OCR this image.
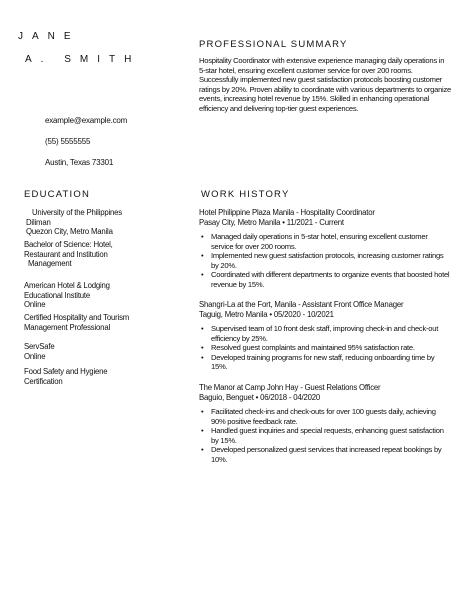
JANE
A. SMITH
example@example.com
(55) 5555555
Austin, Texas 73301
PROFESSIONAL SUMMARY
Hospitality Coordinator with extensive experience managing daily operations in 5-star hotel, ensuring excellent customer service for over 200 rooms. Successfully implemented new guest satisfaction protocols boosting customer ratings by 20%. Proven ability to coordinate with various departments to organize events, increasing hotel revenue by 15%. Skilled in enhancing operational efficiency and delivering top-tier guest experiences.
EDUCATION
University of the Philippines
Diliman
Quezon City, Metro Manila
Bachelor of Science: Hotel,
Restaurant and Institution
Management
American Hotel & Lodging
Educational Institute
Online
Certified Hospitality and Tourism
Management Professional
ServSafe
Online
Food Safety and Hygiene
Certification
WORK HISTORY
Hotel Philippine Plaza Manila - Hospitality Coordinator
Pasay City, Metro Manila • 11/2021 - Current
• Managed daily operations in 5-star hotel, ensuring excellent customer service for over 200 rooms.
• Implemented new guest satisfaction protocols, increasing customer ratings by 20%.
• Coordinated with different departments to organize events that boosted hotel revenue by 15%.
Shangri-La at the Fort, Manila - Assistant Front Office Manager
Taguig, Metro Manila • 05/2020 - 10/2021
• Supervised team of 10 front desk staff, improving check-in and check-out efficiency by 25%.
• Resolved guest complaints and maintained 95% satisfaction rate.
• Developed training programs for new staff, reducing onboarding time by 15%.
The Manor at Camp John Hay - Guest Relations Officer
Baguio, Benguet • 06/2018 - 04/2020
• Facilitated check-ins and check-outs for over 100 guests daily, achieving 90% positive feedback rate.
• Handled guest inquiries and special requests, enhancing guest satisfaction by 15%.
• Developed personalized guest services that increased repeat bookings by 10%.
